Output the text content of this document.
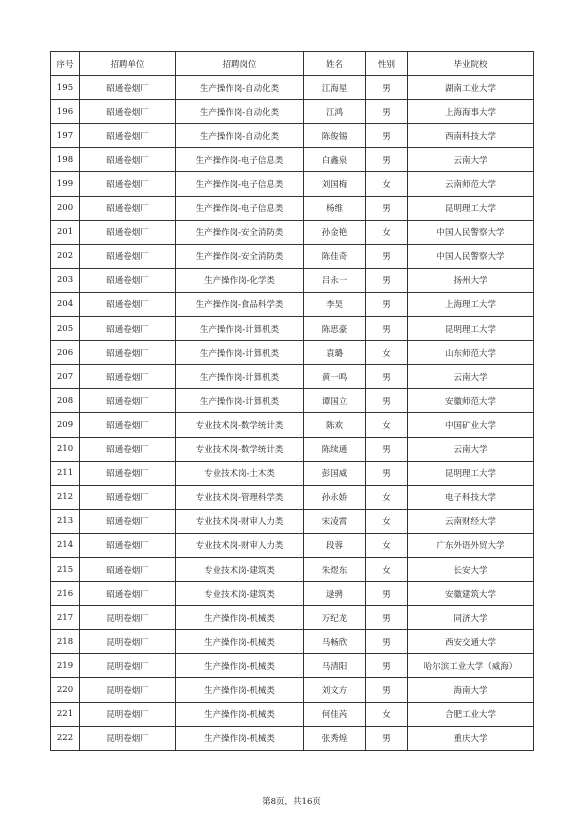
序号	招聘单位	招聘岗位	姓名	性别	毕业院校
195	昭通卷烟厂	生产操作岗-自动化类	江海星	男	湖南工业大学
196	昭通卷烟厂	生产操作岗-自动化类	江鸿	男	上海海事大学
197	昭通卷烟厂	生产操作岗-自动化类	陈俊锡	男	西南科技大学
198	昭通卷烟厂	生产操作岗-电子信息类	白鑫泉	男	云南大学
199	昭通卷烟厂	生产操作岗-电子信息类	刘国梅	女	云南师范大学
200	昭通卷烟厂	生产操作岗-电子信息类	杨维	男	昆明理工大学
201	昭通卷烟厂	生产操作岗-安全消防类	孙金艳	女	中国人民警察大学
202	昭通卷烟厂	生产操作岗-安全消防类	陈佳奇	男	中国人民警察大学
203	昭通卷烟厂	生产操作岗-化学类	吕永一	男	扬州大学
204	昭通卷烟厂	生产操作岗-食品科学类	李昊	男	上海理工大学
205	昭通卷烟厂	生产操作岗-计算机类	陈思豪	男	昆明理工大学
206	昭通卷烟厂	生产操作岗-计算机类	袁璐	女	山东师范大学
207	昭通卷烟厂	生产操作岗-计算机类	黄一鸣	男	云南大学
208	昭通卷烟厂	生产操作岗-计算机类	谭国立	男	安徽师范大学
209	昭通卷烟厂	专业技术岗-数学统计类	陈欢	女	中国矿业大学
210	昭通卷烟厂	专业技术岗-数学统计类	陈续通	男	云南大学
211	昭通卷烟厂	专业技术岗-土木类	彭国威	男	昆明理工大学
212	昭通卷烟厂	专业技术岗-管理科学类	孙永娇	女	电子科技大学
213	昭通卷烟厂	专业技术岗-财审人力类	宋凌霄	女	云南财经大学
214	昭通卷烟厂	专业技术岗-财审人力类	段蓉	女	广东外语外贸大学
215	昭通卷烟厂	专业技术岗-建筑类	朱煜东	女	长安大学
216	昭通卷烟厂	专业技术岗-建筑类	逯骋	男	安徽建筑大学
217	昆明卷烟厂	生产操作岗-机械类	万纪龙	男	同济大学
218	昆明卷烟厂	生产操作岗-机械类	马畅欣	男	西安交通大学
219	昆明卷烟厂	生产操作岗-机械类	马清阳	男	哈尔滨工业大学（威海）
220	昆明卷烟厂	生产操作岗-机械类	刘文方	男	海南大学
221	昆明卷烟厂	生产操作岗-机械类	何佳芮	女	合肥工业大学
222	昆明卷烟厂	生产操作岗-机械类	张秀煌	男	重庆大学
第8页，共16页
